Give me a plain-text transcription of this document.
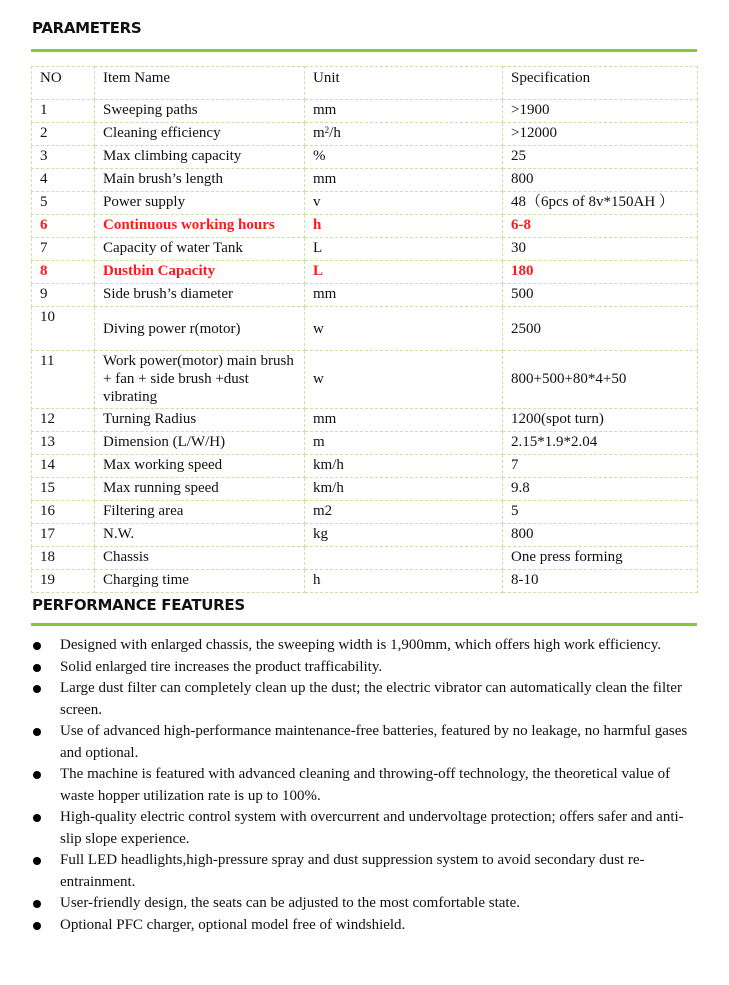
PARAMETERS
NO	Item Name	Unit	Specification
1	Sweeping paths	mm	>1900
2	Cleaning efficiency	$m^2/h$	>12000
3	Max climbing capacity	%	25
4	Main brush’s length	mm	800
5	Power supply	v	48（6pcs of 8v*150AH ）
6	Continuous working hours	h	6-8
7	Capacity of water Tank	L	30
8	Dustbin Capacity	L	180
9	Side brush’s diameter	mm	500
10	Diving power r(motor)	w	2500

11	Work power(motor) main brush + fan + side brush +dust vibrating	w	800+500+80*4+50

12	Turning Radius	mm	1200(spot turn)
13	Dimension (L/W/H)	m	2.15*1.9*2.04
14	Max working speed	km/h	7
15	Max running speed	km/h	9.8
16	Filtering area	m2	5
17	N.W.	kg	800
18	Chassis		One press forming
19	Charging time	h	8-10
PERFORMANCE FEATURES
Designed with enlarged chassis, the sweeping width is 1,900mm, which offers high work efficiency.
Solid enlarged tire increases the product trafficability.
Large dust filter can completely clean up the dust; the electric vibrator can automatically clean the filter screen.
Use of advanced high-performance maintenance-free batteries, featured by no leakage, no harmful gases and optional.
The machine is featured with advanced cleaning and throwing-off technology, the theoretical value of waste hopper utilization rate is up to 100%.
High-quality electric control system with overcurrent and undervoltage protection; offers safer and anti-slip slope experience.
Full LED headlights,high-pressure spray and dust suppression system to avoid secondary dust re-entrainment.
User-friendly design, the seats can be adjusted to the most comfortable state.
Optional PFC charger, optional model free of windshield.
